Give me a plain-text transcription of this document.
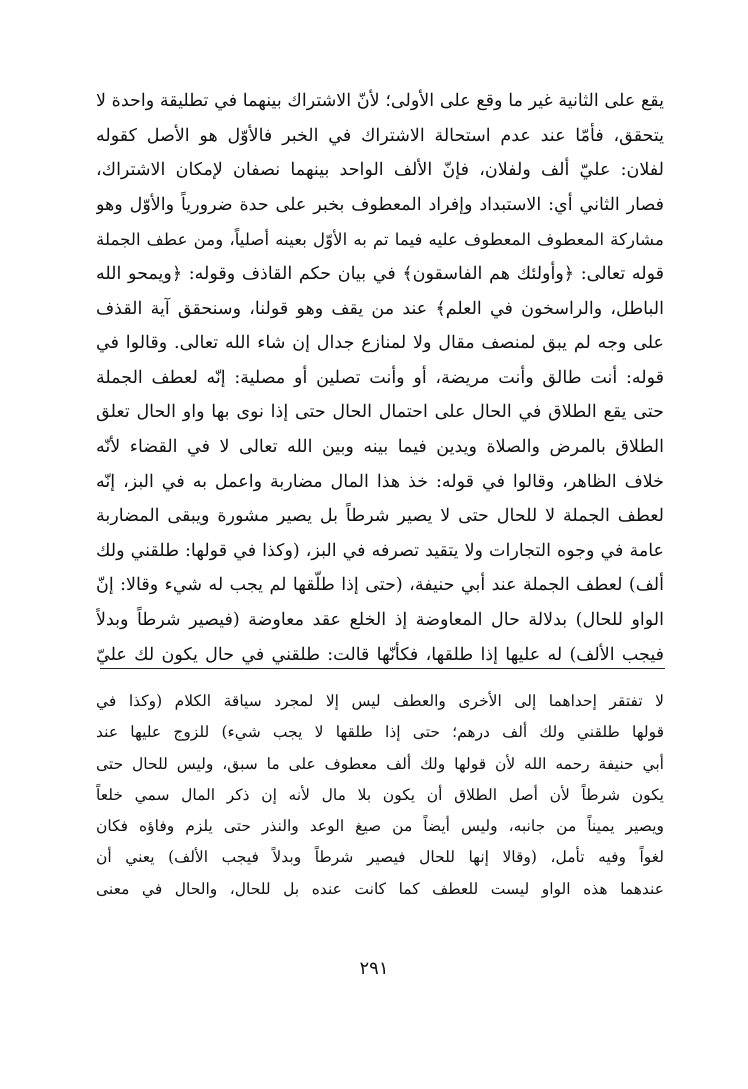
يقع على الثانية غير ما وقع على الأولى؛ لأنّ الاشتراك بينهما في تطليقة واحدة لا
يتحقق، فأمّا عند عدم استحالة الاشتراك في الخبر فالأوّل هو الأصل كقوله
لفلان: عليّ ألف ولفلان، فإنّ الألف الواحد بينهما نصفان لإمكان الاشتراك،
فصار الثاني أي: الاستبداد وإفراد المعطوف بخبر على حدة ضرورياً والأوّل وهو
مشاركة المعطوف المعطوف عليه فيما تم به الأوّل بعينه أصلياً، ومن عطف الجملة
قوله تعالى: ﴿وأولئك هم الفاسقون﴾ في بيان حكم القاذف وقوله: ﴿ويمحو الله
الباطل، والراسخون في العلم﴾ عند من يقف وهو قولنا، وسنحقق آية القذف
على وجه لم يبق لمنصف مقال ولا لمنازع جدال إن شاء الله تعالى. وقالوا في
قوله: أنت طالق وأنت مريضة، أو وأنت تصلين أو مصلية: إنّه لعطف الجملة
حتى يقع الطلاق في الحال على احتمال الحال حتى إذا نوى بها واو الحال تعلق
الطلاق بالمرض والصلاة ويدين فيما بينه وبين الله تعالى لا في القضاء لأنّه
خلاف الظاهر، وقالوا في قوله: خذ هذا المال مضاربة واعمل به في البز، إنّه
لعطف الجملة لا للحال حتى لا يصير شرطاً بل يصير مشورة ويبقى المضاربة
عامة في وجوه التجارات ولا يتقيد تصرفه في البز، (وكذا في قولها: طلقني ولك
ألف) لعطف الجملة عند أبي حنيفة، (حتى إذا طلّقها لم يجب له شيء وقالا: إنّ
الواو للحال) بدلالة حال المعاوضة إذ الخلع عقد معاوضة (فيصير شرطاً وبدلاً
فيجب الألف) له عليها إذا طلقها، فكأنّها قالت: طلقني في حال يكون لك عليّ
لا تفتقر إحداهما إلى الأخرى والعطف ليس إلا لمجرد سياقة الكلام (وكذا في
قولها طلقني ولك ألف درهم؛ حتى إذا طلقها لا يجب شيء) للزوج عليها عند
أبي حنيفة رحمه الله لأن قولها ولك ألف معطوف على ما سبق، وليس للحال حتى
يكون شرطاً لأن أصل الطلاق أن يكون بلا مال لأنه إن ذكر المال سمي خلعاً
ويصير يميناً من جانبه، وليس أيضاً من صيغ الوعد والنذر حتى يلزم وفاؤه فكان
لغواً وفيه تأمل، (وقالا إنها للحال فيصير شرطاً وبدلاً فيجب الألف) يعني أن
عندهما هذه الواو ليست للعطف كما كانت عنده بل للحال، والحال في معنى
٢٩١
